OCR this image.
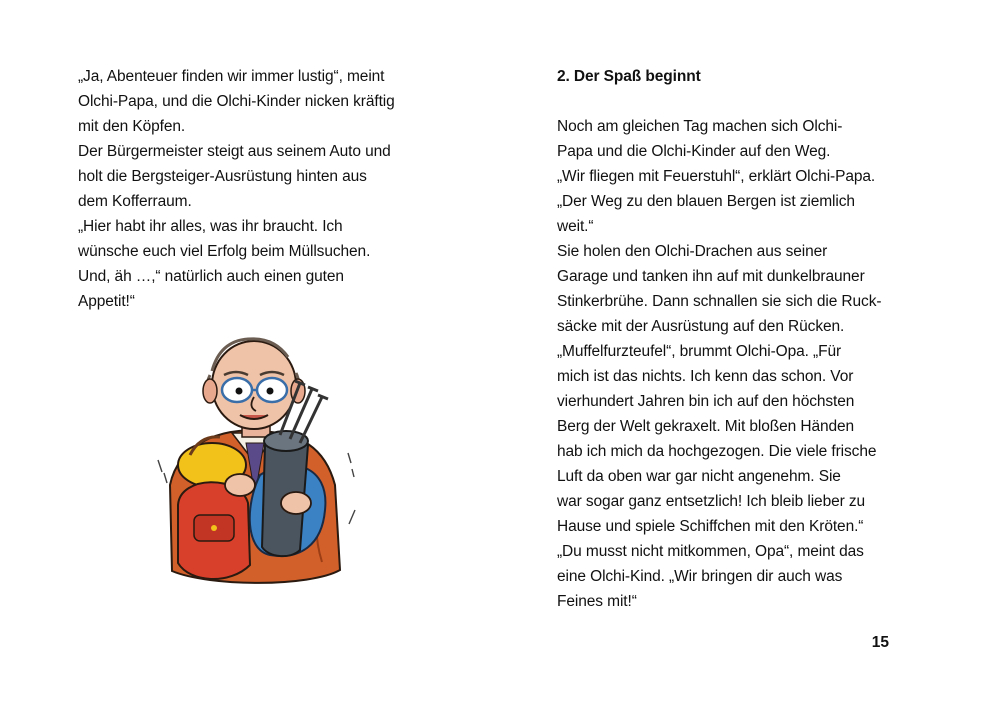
„Ja, Abenteuer finden wir immer lustig“, meint
Olchi-Papa, und die Olchi-Kinder nicken kräftig
mit den Köpfen.
Der Bürgermeister steigt aus seinem Auto und
holt die Bergsteiger-Ausrüstung hinten aus
dem Kofferraum.
„Hier habt ihr alles, was ihr braucht. Ich
wünsche euch viel Erfolg beim Müllsuchen.
Und, äh …,“ natürlich auch einen guten
Appetit!“
2. Der Spaß beginnt
Noch am gleichen Tag machen sich Olchi-
Papa und die Olchi-Kinder auf den Weg.
„Wir fliegen mit Feuerstuhl“, erklärt Olchi-Papa.
„Der Weg zu den blauen Bergen ist ziemlich
weit.“
Sie holen den Olchi-Drachen aus seiner
Garage und tanken ihn auf mit dunkelbrauner
Stinkerbrühe. Dann schnallen sie sich die Ruck-
säcke mit der Ausrüstung auf den Rücken.
„Muffelfurzteufel“, brummt Olchi-Opa. „Für
mich ist das nichts. Ich kenn das schon. Vor
vierhundert Jahren bin ich auf den höchsten
Berg der Welt gekraxelt. Mit bloßen Händen
hab ich mich da hochgezogen. Die viele frische
Luft da oben war gar nicht angenehm. Sie
war sogar ganz entsetzlich! Ich bleib lieber zu
Hause und spiele Schiffchen mit den Kröten.“
„Du musst nicht mitkommen, Opa“, meint das
eine Olchi-Kind. „Wir bringen dir auch was
Feines mit!“
15
